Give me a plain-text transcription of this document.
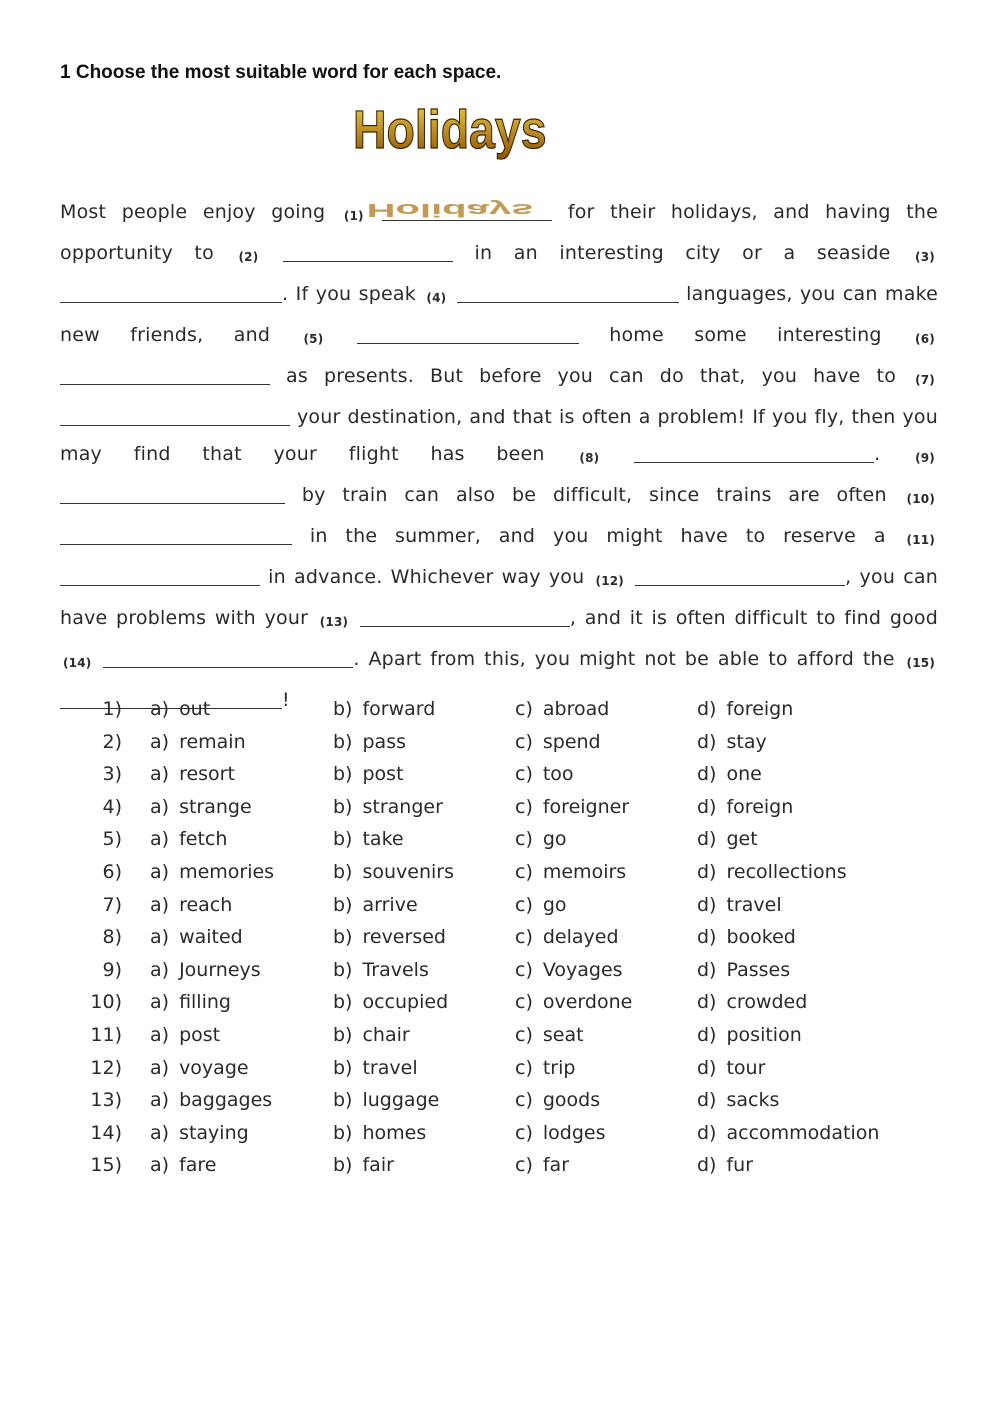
1 Choose the most suitable word for each space.
Holidays
Holidays
Most people enjoy going (1)	for their holidays, and having the opportunity to (2)	in an interesting city or a seaside (3) . If you speak (4)	languages, you can make new friends, and	(5)	home some interesting	(6)  as presents. But before you can do that, you have to (7)  your destination, and that is often a problem! If you fly, then you may find that your flight has been	(8)	.	(9)  by train can also be difficult, since trains are often (10)  in the summer, and you might have to reserve a (11)  in advance. Whichever way you (12)	, you can have problems with your (13)	, and it is often difficult to find good (14)	. Apart from this, you might not be able to afford the (15) !
1) a) out	b) forward	c) abroad	d) foreign
2) a) remain	b) pass	c) spend	d) stay
3) a) resort	b) post	c) too	d) one
4) a) strange	b) stranger	c) foreigner	d) foreign
5) a) fetch	b) take	c) go	d) get
6) a) memories	b) souvenirs	c) memoirs	d) recollections
7) a) reach	b) arrive	c) go	d) travel
8) a) waited	b) reversed	c) delayed	d) booked
9) a) Journeys	b) Travels	c) Voyages	d) Passes
10) a) filling	b) occupied	c) overdone	d) crowded
11) a) post	b) chair	c) seat	d) position
12) a) voyage	b) travel	c) trip	d) tour
13) a) baggages	b) luggage	c) goods	d) sacks
14) a) staying	b) homes	c) lodges	d) accommodation
15) a) fare	b) fair	c) far	d) fur
